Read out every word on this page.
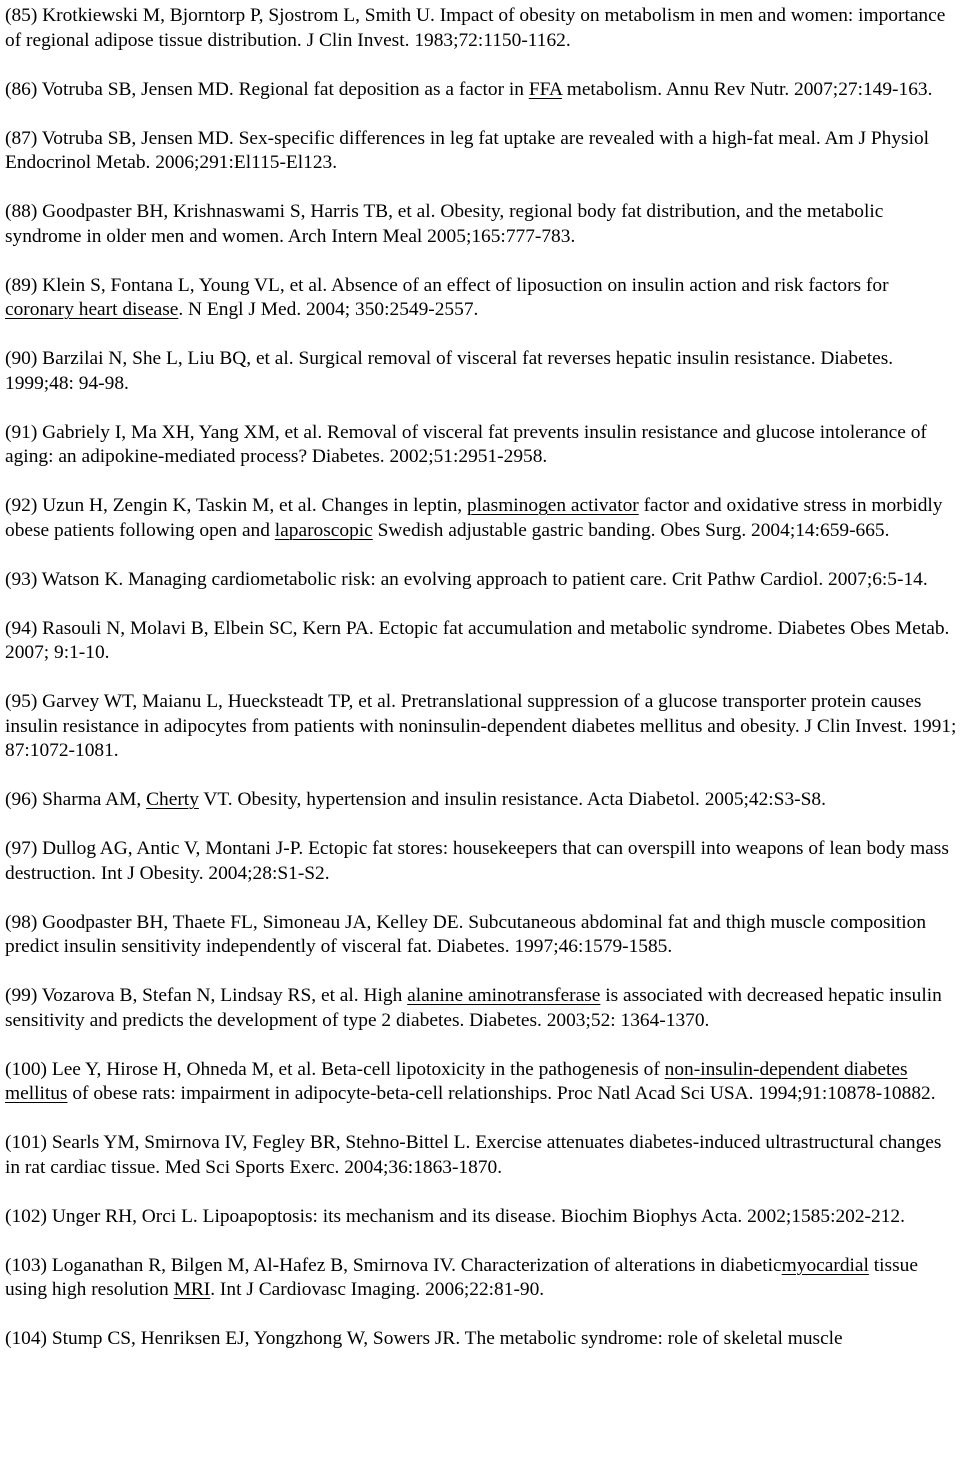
(85) Krotkiewski M, Bjorntorp P, Sjostrom L, Smith U. Impact of obesity on metabolism in men and women: importance of regional adipose tissue distribution. J Clin Invest. 1983;72:1150-1162.

(86) Votruba SB, Jensen MD. Regional fat deposition as a factor in FFA metabolism. Annu Rev Nutr. 2007;27:149-163.

(87) Votruba SB, Jensen MD. Sex-specific differences in leg fat uptake are revealed with a high-fat meal. Am J Physiol Endocrinol Metab. 2006;291:El115-El123.

(88) Goodpaster BH, Krishnaswami S, Harris TB, et al. Obesity, regional body fat distribution, and the metabolic syndrome in older men and women. Arch Intern Meal 2005;165:777-783.

(89) Klein S, Fontana L, Young VL, et al. Absence of an effect of liposuction on insulin action and risk factors for coronary heart disease. N Engl J Med. 2004; 350:2549-2557.

(90) Barzilai N, She L, Liu BQ, et al. Surgical removal of visceral fat reverses hepatic insulin resistance. Diabetes. 1999;48: 94-98.

(91) Gabriely I, Ma XH, Yang XM, et al. Removal of visceral fat prevents insulin resistance and glucose intolerance of aging: an adipokine-mediated process? Diabetes. 2002;51:2951-2958.

(92) Uzun H, Zengin K, Taskin M, et al. Changes in leptin, plasminogen activator factor and oxidative stress in morbidly obese patients following open and laparoscopic Swedish adjustable gastric banding. Obes Surg. 2004;14:659-665.

(93) Watson K. Managing cardiometabolic risk: an evolving approach to patient care. Crit Pathw Cardiol. 2007;6:5-14.

(94) Rasouli N, Molavi B, Elbein SC, Kern PA. Ectopic fat accumulation and metabolic syndrome. Diabetes Obes Metab. 2007; 9:1-10.

(95) Garvey WT, Maianu L, Huecksteadt TP, et al. Pretranslational suppression of a glucose transporter protein causes insulin resistance in adipocytes from patients with noninsulin-dependent diabetes mellitus and obesity. J Clin Invest. 1991; 87:1072-1081.

(96) Sharma AM, Cherty VT. Obesity, hypertension and insulin resistance. Acta Diabetol. 2005;42:S3-S8.

(97) Dullog AG, Antic V, Montani J-P. Ectopic fat stores: housekeepers that can overspill into weapons of lean body mass destruction. Int J Obesity. 2004;28:S1-S2.

(98) Goodpaster BH, Thaete FL, Simoneau JA, Kelley DE. Subcutaneous abdominal fat and thigh muscle composition predict insulin sensitivity independently of visceral fat. Diabetes. 1997;46:1579-1585.

(99) Vozarova B, Stefan N, Lindsay RS, et al. High alanine aminotransferase is associated with decreased hepatic insulin sensitivity and predicts the development of type 2 diabetes. Diabetes. 2003;52: 1364-1370.

(100) Lee Y, Hirose H, Ohneda M, et al. Beta-cell lipotoxicity in the pathogenesis of non-insulin-dependent diabetes mellitus of obese rats: impairment in adipocyte-beta-cell relationships. Proc Natl Acad Sci USA. 1994;91:10878-10882.

(101) Searls YM, Smirnova IV, Fegley BR, Stehno-Bittel L. Exercise attenuates diabetes-induced ultrastructural changes in rat cardiac tissue. Med Sci Sports Exerc. 2004;36:1863-1870.

(102) Unger RH, Orci L. Lipoapoptosis: its mechanism and its disease. Biochim Biophys Acta. 2002;1585:202-212.

(103) Loganathan R, Bilgen M, Al-Hafez B, Smirnova IV. Characterization of alterations in diabeticmyocardial tissue using high resolution MRI. Int J Cardiovasc Imaging. 2006;22:81-90.

(104) Stump CS, Henriksen EJ, Yongzhong W, Sowers JR. The metabolic syndrome: role of skeletal muscle
